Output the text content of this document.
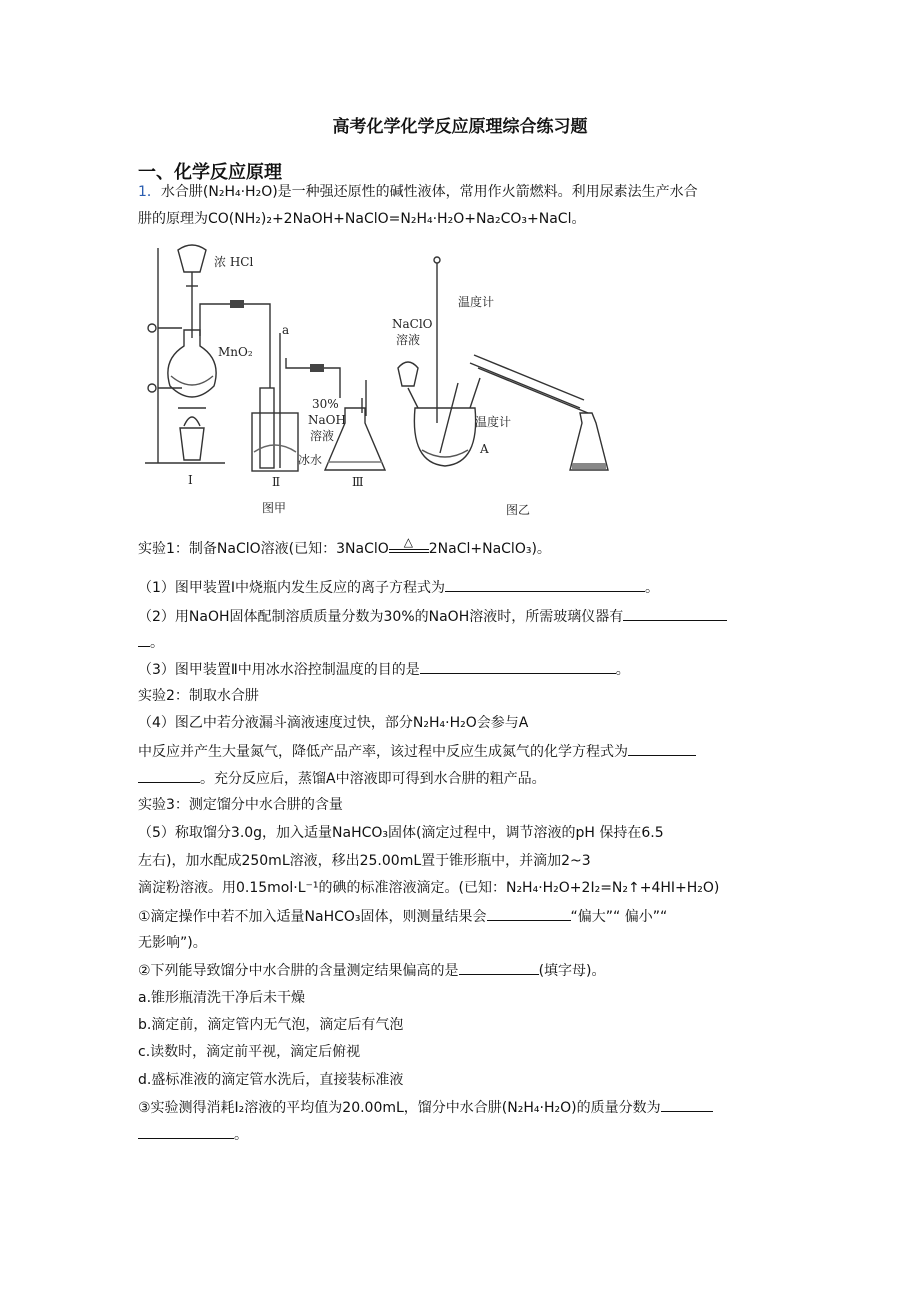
高考化学化学反应原理综合练习题
一、化学反应原理
1．水合肼(N₂H₄·H₂O)是一种强还原性的碱性液体，常用作火箭燃料。利用尿素法生产水合
肼的原理为CO(NH₂)₂+2NaOH+NaClO=N₂H₄·H₂O+Na₂CO₃+NaCl。
浓 HCl
MnO₂
a
30%
NaOH
溶液
冰水
Ⅰ	Ⅱ	Ⅲ
图甲
温度计
NaClO
溶液
温度计
A
图乙
实验1：制备NaClO溶液(已知：3NaClO △ 2NaCl+NaClO₃)。
（1）图甲装置Ⅰ中烧瓶内发生反应的离子方程式为	。
（2）用NaOH固体配制溶质质量分数为30%的NaOH溶液时，所需玻璃仪器有
。
（3）图甲装置Ⅱ中用冰水浴控制温度的目的是	。
实验2：制取水合肼
（4）图乙中若分液漏斗滴液速度过快，部分N₂H₄·H₂O会参与A
中反应并产生大量氮气，降低产品产率，该过程中反应生成氮气的化学方程式为
。充分反应后，蒸馏A中溶液即可得到水合肼的粗产品。
实验3：测定馏分中水合肼的含量
（5）称取馏分3.0g，加入适量NaHCO₃固体(滴定过程中，调节溶液的pH 保持在6.5
左右)，加水配成250mL溶液，移出25.00mL置于锥形瓶中，并滴加2~3
滴淀粉溶液。用0.15mol·L⁻¹的碘的标准溶液滴定。(已知：N₂H₄·H₂O+2I₂=N₂↑+4HI+H₂O)
①滴定操作中若不加入适量NaHCO₃固体，则测量结果会	“偏大”“ 偏小”“
无影响”)。
②下列能导致馏分中水合肼的含量测定结果偏高的是	(填字母)。
a.锥形瓶清洗干净后未干燥
b.滴定前，滴定管内无气泡，滴定后有气泡
c.读数时，滴定前平视，滴定后俯视
d.盛标准液的滴定管水洗后，直接装标准液
③实验测得消耗I₂溶液的平均值为20.00mL，馏分中水合肼(N₂H₄·H₂O)的质量分数为
。
